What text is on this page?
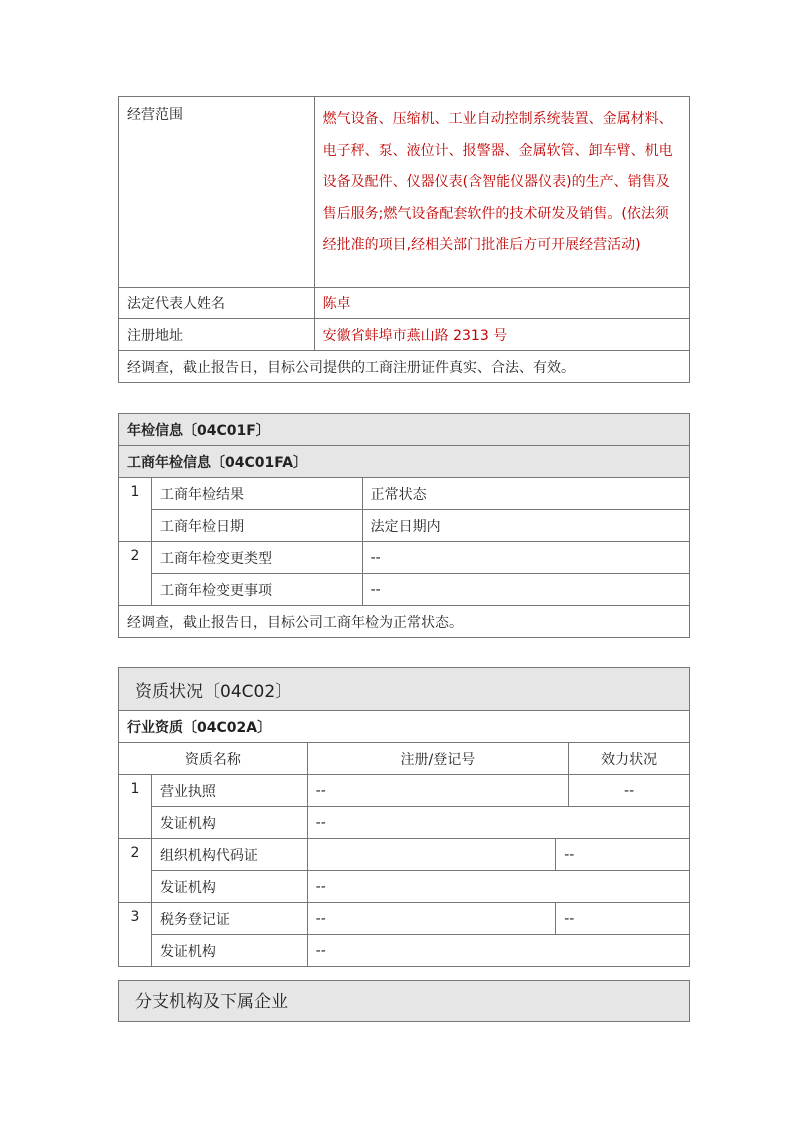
经营范围	燃气设备、压缩机、工业自动控制系统装置、金属材料、电子秤、泵、液位计、报警器、金属软管、卸车臂、机电设备及配件、仪器仪表(含智能仪器仪表)的生产、销售及售后服务;燃气设备配套软件的技术研发及销售。(依法须经批准的项目,经相关部门批准后方可开展经营活动)
法定代表人姓名	陈卓
注册地址	安徽省蚌埠市燕山路 2313 号
经调查，截止报告日，目标公司提供的工商注册证件真实、合法、有效。	
年检信息〔04C01F〕		
工商年检信息〔04C01FA〕		
1	工商年检结果	正常状态
	工商年检日期	法定日期内
2	工商年检变更类型	--
	工商年检变更事项	--
经调查，截止报告日，目标公司工商年检为正常状态。		
资质状况〔04C02〕				
行业资质〔04C02A〕				
资质名称		注册/登记号		效力状况
1	营业执照	--		--
	发证机构	--		
2	组织机构代码证		--	
	发证机构	--		
3	税务登记证	--	--	
	发证机构	--		
分支机构及下属企业
